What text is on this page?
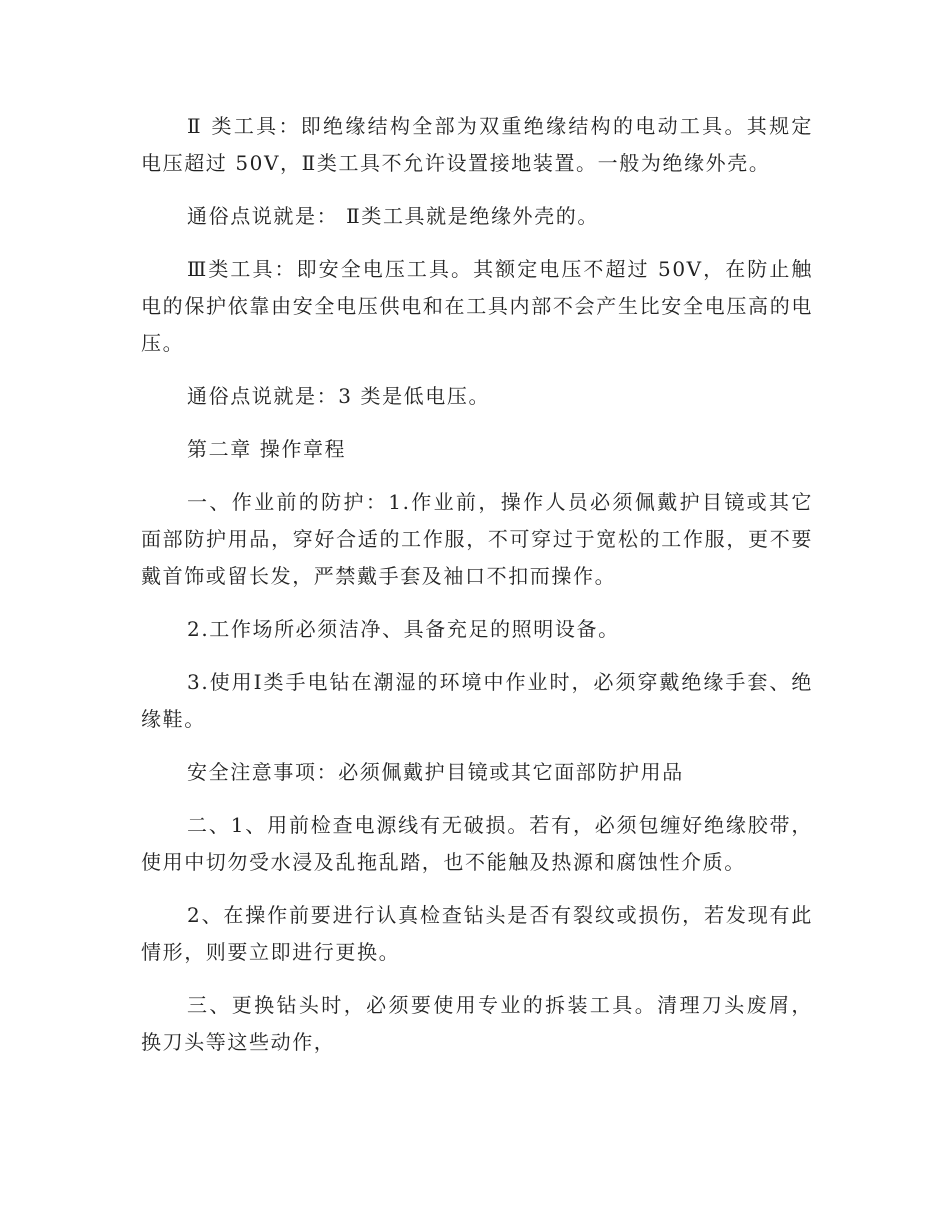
Ⅱ 类工具：即绝缘结构全部为双重绝缘结构的电动工具。其规定电压超过 50V，Ⅱ类工具不允许设置接地装置。一般为绝缘外壳。

通俗点说就是： Ⅱ类工具就是绝缘外壳的。

Ⅲ类工具：即安全电压工具。其额定电压不超过 50V，在防止触电的保护依靠由安全电压供电和在工具内部不会产生比安全电压高的电压。

通俗点说就是：3 类是低电压。

第二章 操作章程

一、作业前的防护：1.作业前，操作人员必须佩戴护目镜或其它面部防护用品，穿好合适的工作服，不可穿过于宽松的工作服，更不要戴首饰或留长发，严禁戴手套及袖口不扣而操作。

2.工作场所必须洁净、具备充足的照明设备。

3.使用Ⅰ类手电钻在潮湿的环境中作业时，必须穿戴绝缘手套、绝缘鞋。

安全注意事项：必须佩戴护目镜或其它面部防护用品

二、1、用前检查电源线有无破损。若有，必须包缠好绝缘胶带，使用中切勿受水浸及乱拖乱踏，也不能触及热源和腐蚀性介质。

2、在操作前要进行认真检查钻头是否有裂纹或损伤，若发现有此情形，则要立即进行更换。

三、更换钻头时，必须要使用专业的拆装工具。清理刀头废屑，换刀头等这些动作，
